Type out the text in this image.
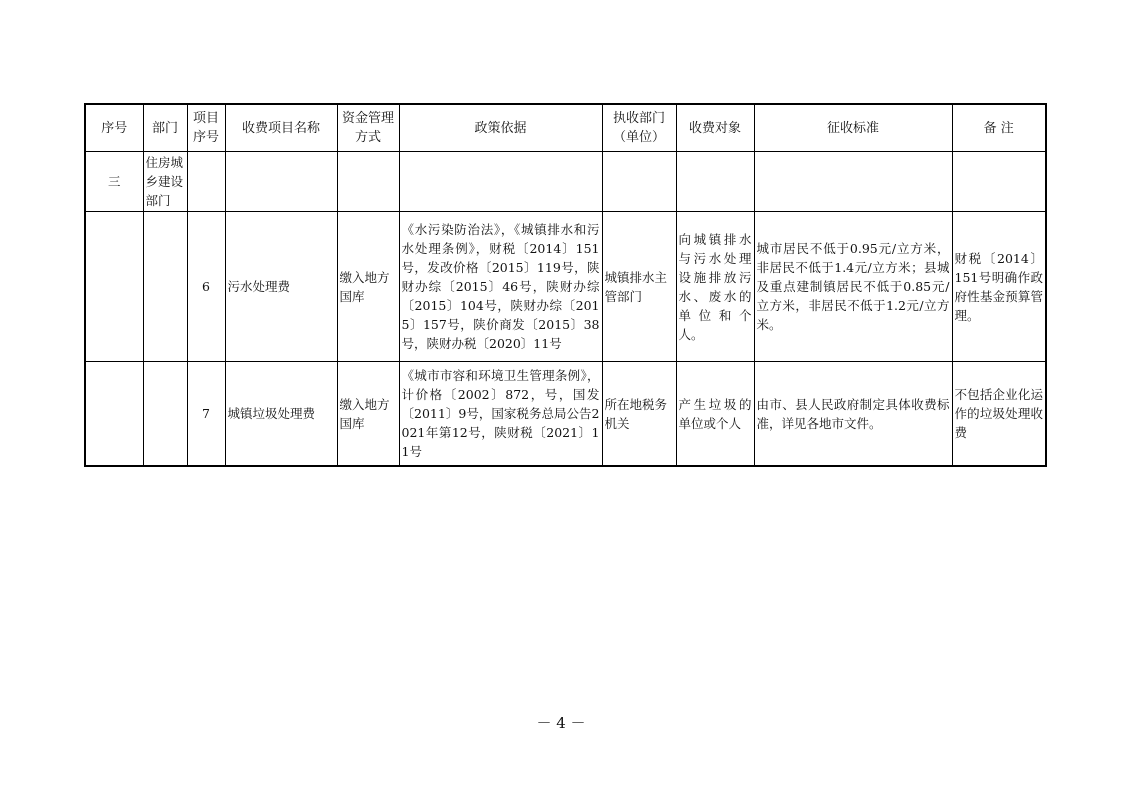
序号	部门	项目序号	收费项目名称	资金管理方式	政策依据	执收部门（单位）	收费对象	征收标准	备 注
三	住房城乡建设部门								
		6	污水处理费	缴入地方国库	《水污染防治法》，《城镇排水和污水处理条例》，财税〔2014〕151号，发改价格〔2015〕119号，陕财办综〔2015〕46号，陕财办综〔2015〕104号，陕财办综〔2015〕157号，陕价商发〔2015〕38号，陕财办税〔2020〕11号	城镇排水主管部门	向城镇排水与污水处理设施排放污水、废水的单位和个人。	城市居民不低于0.95元/立方米，非居民不低于1.4元/立方米；县城及重点建制镇居民不低于0.85元/立方米，非居民不低于1.2元/立方米。	财税〔2014〕151号明确作政府性基金预算管理。
		7	城镇垃圾处理费	缴入地方国库	《城市市容和环境卫生管理条例》，计价格〔2002〕872，号，国发〔2011〕9号，国家税务总局公告2021年第12号，陕财税〔2021〕11号	所在地税务机关	产生垃圾的单位或个人	由市、县人民政府制定具体收费标准，详见各地市文件。	不包括企业化运作的垃圾处理收费
－ 4 －
